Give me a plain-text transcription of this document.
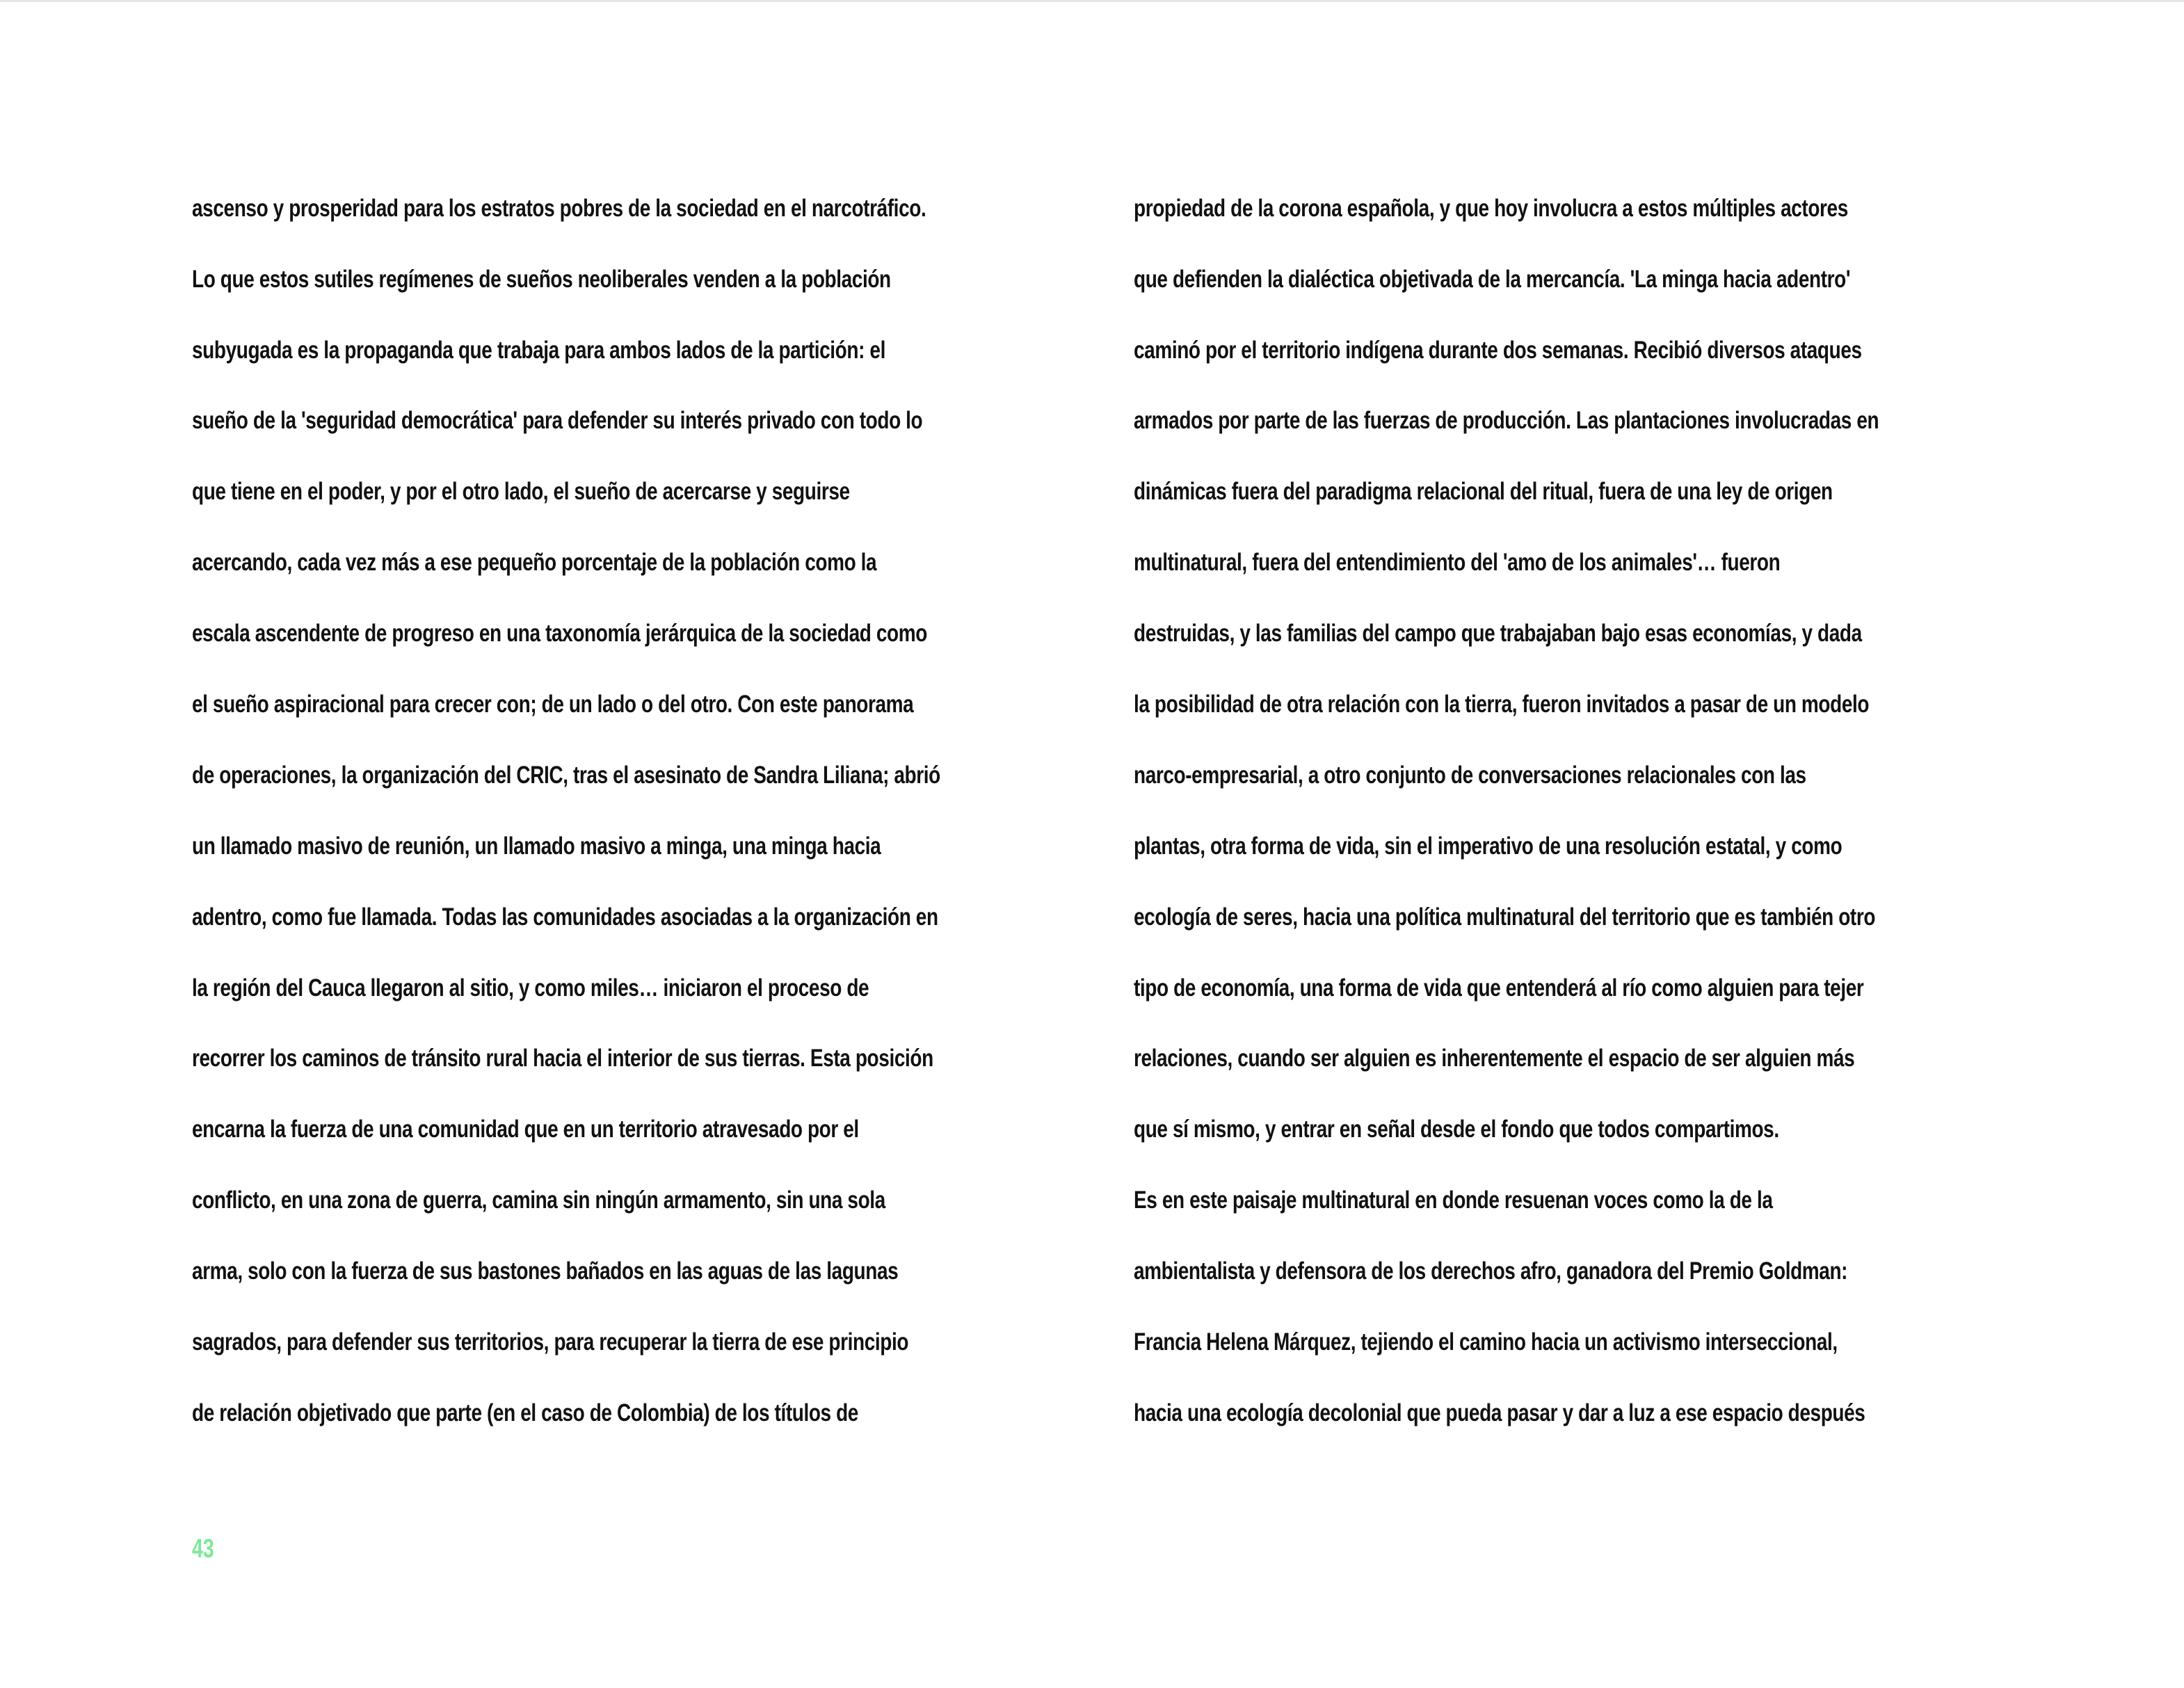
ascenso y prosperidad para los estratos pobres de la sociedad en el narcotráfico.
Lo que estos sutiles regímenes de sueños neoliberales venden a la población
subyugada es la propaganda que trabaja para ambos lados de la partición: el
sueño de la 'seguridad democrática' para defender su interés privado con todo lo
que tiene en el poder, y por el otro lado, el sueño de acercarse y seguirse
acercando, cada vez más a ese pequeño porcentaje de la población como la
escala ascendente de progreso en una taxonomía jerárquica de la sociedad como
el sueño aspiracional para crecer con; de un lado o del otro. Con este panorama
de operaciones, la organización del CRIC, tras el asesinato de Sandra Liliana; abrió
un llamado masivo de reunión, un llamado masivo a minga, una minga hacia
adentro, como fue llamada. Todas las comunidades asociadas a la organización en
la región del Cauca llegaron al sitio, y como miles… iniciaron el proceso de
recorrer los caminos de tránsito rural hacia el interior de sus tierras. Esta posición
encarna la fuerza de una comunidad que en un territorio atravesado por el
conflicto, en una zona de guerra, camina sin ningún armamento, sin una sola
arma, solo con la fuerza de sus bastones bañados en las aguas de las lagunas
sagrados, para defender sus territorios, para recuperar la tierra de ese principio
de relación objetivado que parte (en el caso de Colombia) de los títulos de
propiedad de la corona española, y que hoy involucra a estos múltiples actores
que defienden la dialéctica objetivada de la mercancía. 'La minga hacia adentro'
caminó por el territorio indígena durante dos semanas. Recibió diversos ataques
armados por parte de las fuerzas de producción. Las plantaciones involucradas en
dinámicas fuera del paradigma relacional del ritual, fuera de una ley de origen
multinatural, fuera del entendimiento del 'amo de los animales'… fueron
destruidas, y las familias del campo que trabajaban bajo esas economías, y dada
la posibilidad de otra relación con la tierra, fueron invitados a pasar de un modelo
narco-empresarial, a otro conjunto de conversaciones relacionales con las
plantas, otra forma de vida, sin el imperativo de una resolución estatal, y como
ecología de seres, hacia una política multinatural del territorio que es también otro
tipo de economía, una forma de vida que entenderá al río como alguien para tejer
relaciones, cuando ser alguien es inherentemente el espacio de ser alguien más
que sí mismo, y entrar en señal desde el fondo que todos compartimos.
Es en este paisaje multinatural en donde resuenan voces como la de la
ambientalista y defensora de los derechos afro, ganadora del Premio Goldman:
Francia Helena Márquez, tejiendo el camino hacia un activismo interseccional,
hacia una ecología decolonial que pueda pasar y dar a luz a ese espacio después
43
